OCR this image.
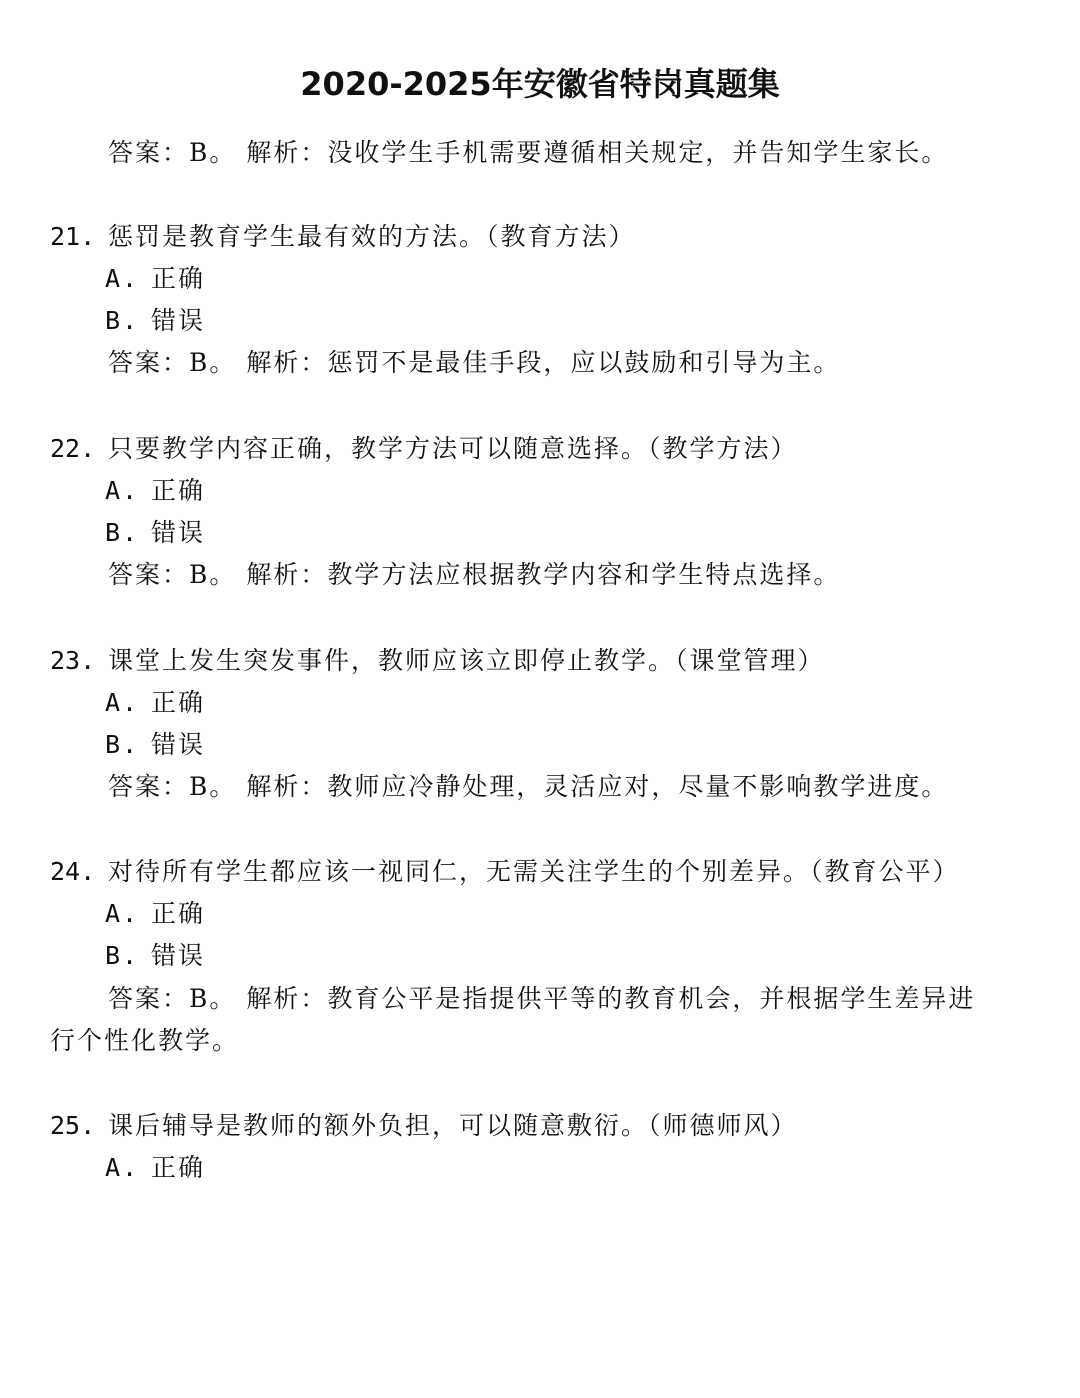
2020-2025年安徽省特岗真题集
答案：B。 解析：没收学生手机需要遵循相关规定，并告知学生家长。
21. 惩罚是教育学生最有效的方法。（教育方法）
A. 正确
B. 错误
答案：B。 解析：惩罚不是最佳手段，应以鼓励和引导为主。
22. 只要教学内容正确，教学方法可以随意选择。（教学方法）
A. 正确
B. 错误
答案：B。 解析：教学方法应根据教学内容和学生特点选择。
23. 课堂上发生突发事件，教师应该立即停止教学。（课堂管理）
A. 正确
B. 错误
答案：B。 解析：教师应冷静处理，灵活应对，尽量不影响教学进度。
24. 对待所有学生都应该一视同仁，无需关注学生的个别差异。（教育公平）
A. 正确
B. 错误
答案：B。 解析：教育公平是指提供平等的教育机会，并根据学生差异进
行个性化教学。
25. 课后辅导是教师的额外负担，可以随意敷衍。（师德师风）
A. 正确
